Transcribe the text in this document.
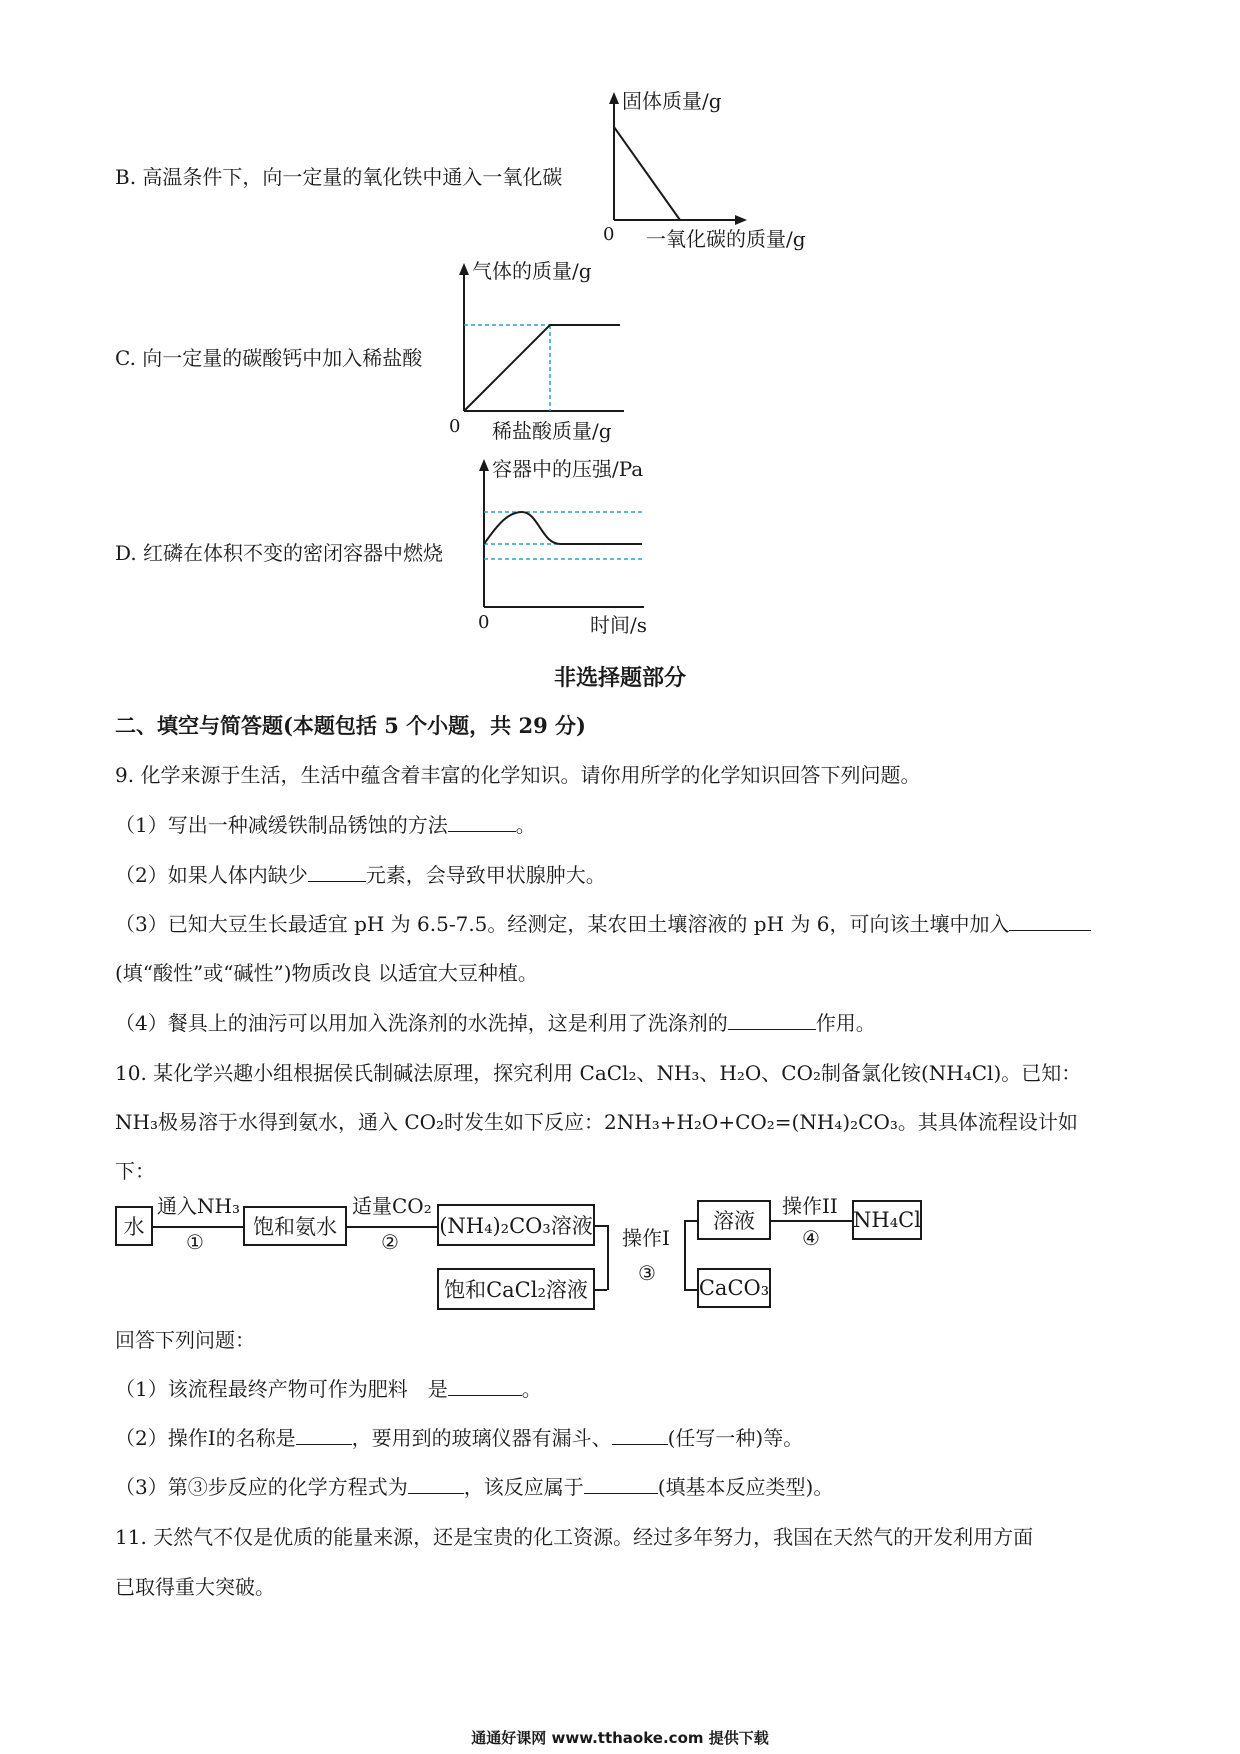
B. 高温条件下，向一定量的氧化铁中通入一氧化碳
固体质量/g
0 一氧化碳的质量/g
C. 向一定量的碳酸钙中加入稀盐酸
气体的质量/g
0 稀盐酸质量/g
D. 红磷在体积不变的密闭容器中燃烧
容器中的压强/Pa
0	时间/s
非选择题部分
二、填空与简答题(本题包括 5 个小题，共 29 分)
9. 化学来源于生活，生活中蕴含着丰富的化学知识。请你用所学的化学知识回答下列问题。
（1）写出一种减缓铁制品锈蚀的方法	。
（2）如果人体内缺少	元素，会导致甲状腺肿大。
（3）已知大豆生长最适宜 pH 为 6.5-7.5。经测定，某农田土壤溶液的 pH 为 6，可向该土壤中加入
(填“酸性”或“碱性”)物质改良 以适宜大豆种植。
（4）餐具上的油污可以用加入洗涤剂的水洗掉，这是利用了洗涤剂的	作用。
10. 某化学兴趣小组根据侯氏制碱法原理，探究利用 CaCl₂、NH₃、H₂O、CO₂制备氯化铵(NH₄Cl)。已知：
NH₃极易溶于水得到氨水，通入 CO₂时发生如下反应：2NH₃+H₂O+CO₂=(NH₄)₂CO₃。其具体流程设计如
下：
水
通入NH₃
①
饱和氨水
适量CO₂
②
(NH₄)₂CO₃溶液
饱和CaCl₂溶液
操作I
③
溶液
CaCO₃
操作II
④
NH₄Cl
回答下列问题：
（1）该流程最终产物可作为肥料　是	。
（2）操作I的名称是	，要用到的玻璃仪器有漏斗、	(任写一种)等。
（3）第③步反应的化学方程式为	，该反应属于	(填基本反应类型)。
11. 天然气不仅是优质的能量来源，还是宝贵的化工资源。经过多年努力，我国在天然气的开发利用方面
已取得重大突破。
通通好课网 www.tthaoke.com 提供下载
